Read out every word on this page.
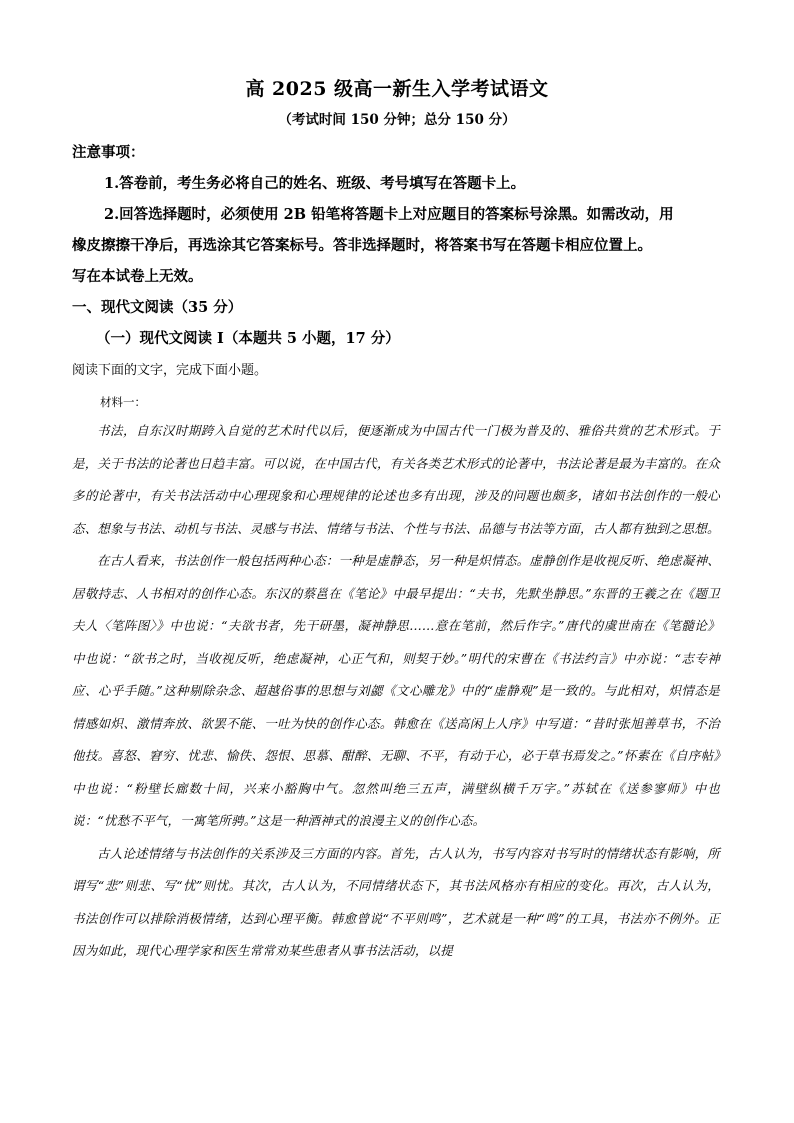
高 2025 级高一新生入学考试语文
（考试时间 150 分钟；总分 150 分）
注意事项：
1.答卷前，考生务必将自己的姓名、班级、考号填写在答题卡上。
2.回答选择题时，必须使用 2B 铅笔将答题卡上对应题目的答案标号涂黑。如需改动，用
橡皮擦擦干净后，再选涂其它答案标号。答非选择题时，将答案书写在答题卡相应位置上。
写在本试卷上无效。
一、现代文阅读（35 分）
（一）现代文阅读 Ⅰ（本题共 5 小题，17 分）
阅读下面的文字，完成下面小题。
材料一：

书法，自东汉时期跨入自觉的艺术时代以后，便逐渐成为中国古代一门极为普及的、雅俗共赏的艺术形式。于是，关于书法的论著也日趋丰富。可以说，在中国古代，有关各类艺术形式的论著中，书法论著是最为丰富的。在众多的论著中，有关书法活动中心理现象和心理规律的论述也多有出现，涉及的问题也颇多，诸如书法创作的一般心态、想象与书法、动机与书法、灵感与书法、情绪与书法、个性与书法、品德与书法等方面，古人都有独到之思想。

在古人看来，书法创作一般包括两种心态：一种是虚静态，另一种是炽情态。虚静创作是收视反听、绝虑凝神、居敬持志、人书相对的创作心态。东汉的蔡邕在《笔论》中最早提出：“夫书，先默坐静思。”东晋的王羲之在《题卫夫人〈笔阵图〉》中也说：“夫欲书者，先干研墨，凝神静思……意在笔前，然后作字。”唐代的虞世南在《笔髓论》中也说：“欲书之时，当收视反听，绝虑凝神，心正气和，则契于妙。”明代的宋曹在《书法约言》中亦说：“志专神应、心乎手随。”这种剔除杂念、超越俗事的思想与刘勰《文心雕龙》中的“虚静观”是一致的。与此相对，炽情态是情感如炽、激情奔放、欲罢不能、一吐为快的创作心态。韩愈在《送高闲上人序》中写道：“昔时张旭善草书，不治他技。喜怒、窘穷、忧悲、愉佚、怨恨、思慕、酣醉、无聊、不平，有动于心，必于草书焉发之。”怀素在《自序帖》中也说：“粉壁长廊数十间，兴来小豁胸中气。忽然叫绝三五声，满壁纵横千万字。”苏轼在《送参寥师》中也说：“忧愁不平气，一寓笔所骋。”这是一种酒神式的浪漫主义的创作心态。

古人论述情绪与书法创作的关系涉及三方面的内容。首先，古人认为，书写内容对书写时的情绪状态有影响，所谓写“悲”则悲、写“忧”则忧。其次，古人认为，不同情绪状态下，其书法风格亦有相应的变化。再次，古人认为，书法创作可以排除消极情绪，达到心理平衡。韩愈曾说“不平则鸣”，艺术就是一种“鸣”的工具，书法亦不例外。正因为如此，现代心理学家和医生常常劝某些患者从事书法活动，以提
